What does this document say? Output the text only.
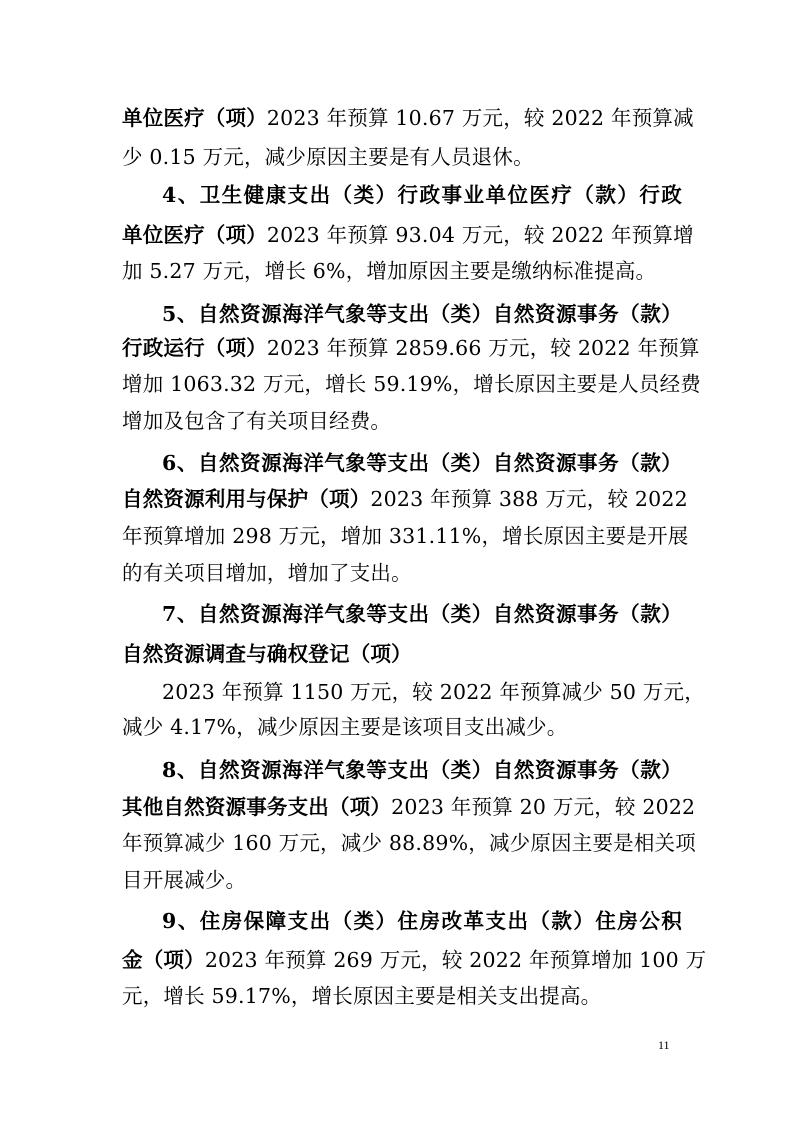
单位医疗（项）2023 年预算 10.67 万元，较 2022 年预算减
少 0.15 万元，减少原因主要是有人员退休。
4、卫生健康支出（类）行政事业单位医疗（款）行政
单位医疗（项）2023 年预算 93.04 万元，较 2022 年预算增
加 5.27 万元，增长 6%，增加原因主要是缴纳标准提高。
5、自然资源海洋气象等支出（类）自然资源事务（款）
行政运行（项）2023 年预算 2859.66 万元，较 2022 年预算
增加 1063.32 万元，增长 59.19%，增长原因主要是人员经费
增加及包含了有关项目经费。
6、自然资源海洋气象等支出（类）自然资源事务（款）
自然资源利用与保护（项）2023 年预算 388 万元，较 2022
年预算增加 298 万元，增加 331.11%，增长原因主要是开展
的有关项目增加，增加了支出。
7、自然资源海洋气象等支出（类）自然资源事务（款）
自然资源调查与确权登记（项）
2023 年预算 1150 万元，较 2022 年预算减少 50 万元，
减少 4.17%，减少原因主要是该项目支出减少。
8、自然资源海洋气象等支出（类）自然资源事务（款）
其他自然资源事务支出（项）2023 年预算 20 万元，较 2022
年预算减少 160 万元，减少 88.89%，减少原因主要是相关项
目开展减少。
9、住房保障支出（类）住房改革支出（款）住房公积
金（项）2023 年预算 269 万元，较 2022 年预算增加 100 万
元，增长 59.17%，增长原因主要是相关支出提高。
11
